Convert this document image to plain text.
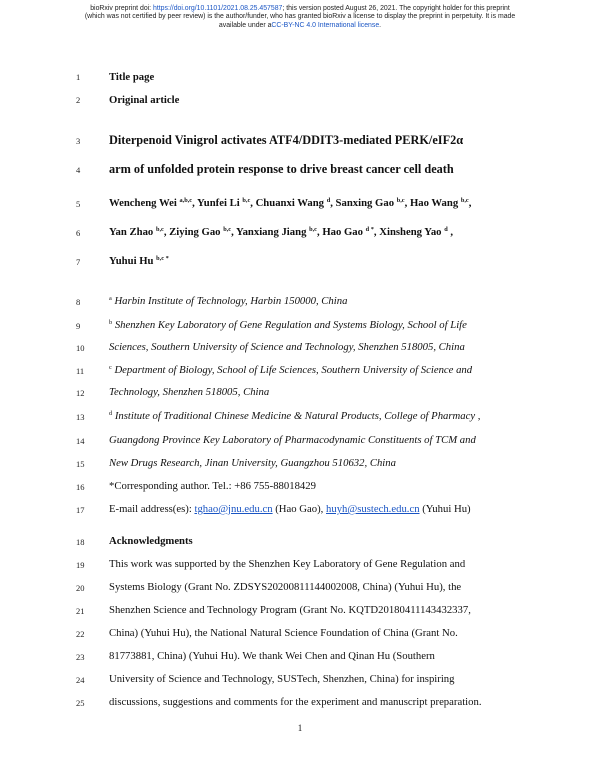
bioRxiv preprint doi: https://doi.org/10.1101/2021.08.25.457587; this version posted August 26, 2021. The copyright holder for this preprint
(which was not certified by peer review) is the author/funder, who has granted bioRxiv a license to display the preprint in perpetuity. It is made
available under aCC-BY-NC 4.0 International license.
1	Title page
2	Original article
3	Diterpenoid Vinigrol activates ATF4/DDIT3-mediated PERK/eIF2α
4	arm of unfolded protein response to drive breast cancer cell death
5	Wencheng Wei $^{a,b,c}$, Yunfei Li $^{b,c}$, Chuanxi Wang $^d$, Sanxing Gao $^{b,c}$, Hao Wang $^{b,c}$,
6	Yan Zhao $^{b,c}$, Ziying Gao $^{b,c}$, Yanxiang Jiang $^{b,c}$, Hao Gao $^{d *}$, Xinsheng Yao $^d$ ,
7	Yuhui Hu $^{b,c *}$
8	$^a$ Harbin Institute of Technology, Harbin 150000, China
9	$^b$ Shenzhen Key Laboratory of Gene Regulation and Systems Biology, School of Life
10	Sciences, Southern University of Science and Technology, Shenzhen 518005, China
11	$^c$ Department of Biology, School of Life Sciences, Southern University of Science and
12	Technology, Shenzhen 518005, China
13	$^d$ Institute of Traditional Chinese Medicine & Natural Products, College of Pharmacy ,
14	Guangdong Province Key Laboratory of Pharmacodynamic Constituents of TCM and
15	New Drugs Research, Jinan University, Guangzhou 510632, China
16	*Corresponding author. Tel.: +86 755-88018429
17	E-mail address(es): tghao@jnu.edu.cn (Hao Gao), huyh@sustech.edu.cn (Yuhui Hu)
18	Acknowledgments
19	This work was supported by the Shenzhen Key Laboratory of Gene Regulation and
20	Systems Biology (Grant No. ZDSYS20200811144002008, China) (Yuhui Hu), the
21	Shenzhen Science and Technology Program (Grant No. KQTD20180411143432337,
22	China) (Yuhui Hu), the National Natural Science Foundation of China (Grant No.
23	81773881, China) (Yuhui Hu). We thank Wei Chen and Qinan Hu (Southern
24	University of Science and Technology, SUSTech, Shenzhen, China) for inspiring
25	discussions, suggestions and comments for the experiment and manuscript preparation.
1
